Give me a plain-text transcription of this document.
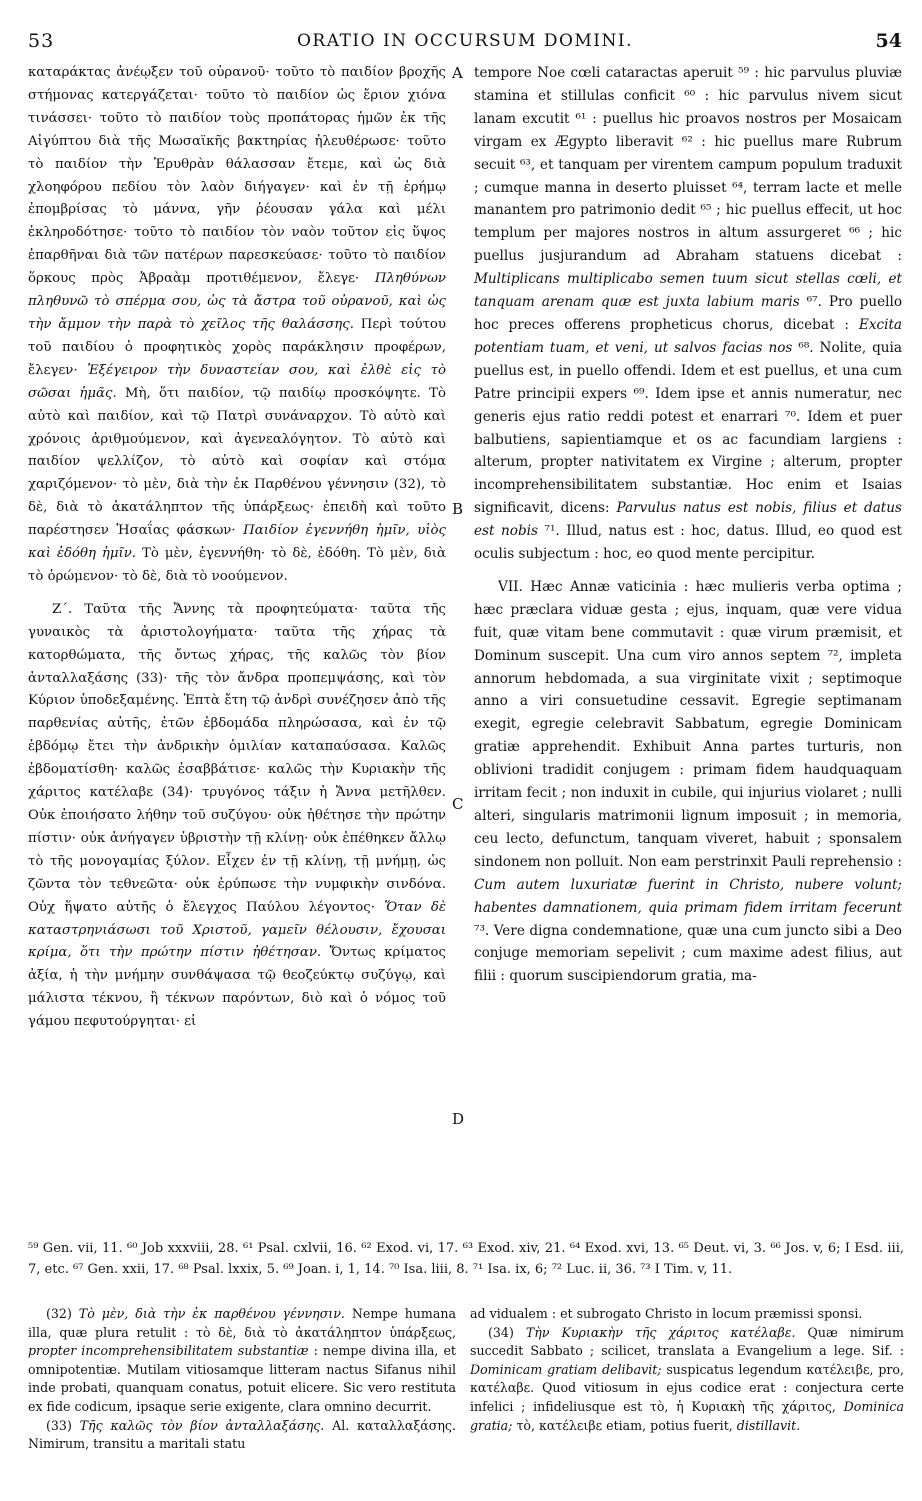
53	ORATIO IN OCCURSUM DOMINI.	54
A
B
C
D

καταράκτας ἀνέῳξεν τοῦ οὐρανοῦ· τοῦτο τὸ παιδίον βροχῆς στήμονας κατεργάζεται· τοῦτο τὸ παιδίον ὡς ἔριον χιόνα τινάσσει· τοῦτο τὸ παιδίον τοὺς προπάτορας ἡμῶν ἐκ τῆς Αἰγύπτου διὰ τῆς Μωσαϊκῆς βακτηρίας ἠλευθέρωσε· τοῦτο τὸ παιδίον τὴν Ἐρυθρὰν θάλασσαν ἔτεμε, καὶ ὡς διὰ χλοηφόρου πεδίου τὸν λαὸν διήγαγεν· καὶ ἐν τῇ ἐρήμῳ ἐπομβρίσας τὸ μάννα, γῆν ῥέουσαν γάλα καὶ μέλι ἐκληροδότησε· τοῦτο τὸ παιδίον τὸν ναὸν τοῦτον εἰς ὕψος ἐπαρθῆναι διὰ τῶν πατέρων παρεσκεύασε· τοῦτο τὸ παιδίον ὅρκους πρὸς Ἀβραὰμ προτιθέμενον, ἔλεγε· Πληθύνων πληθυνῶ τὸ σπέρμα σου, ὡς τὰ ἄστρα τοῦ οὐρανοῦ, καὶ ὡς τὴν ἄμμον τὴν παρὰ τὸ χεῖλος τῆς θαλάσσης. Περὶ τούτου τοῦ παιδίου ὁ προφητικὸς χορὸς παράκλησιν προφέρων, ἔλεγεν· Ἐξέγειρον τὴν δυναστείαν σου, καὶ ἐλθὲ εἰς τὸ σῶσαι ἡμᾶς. Μὴ, ὅτι παιδίον, τῷ παιδίῳ προσκόψητε. Τὸ αὐτὸ καὶ παιδίον, καὶ τῷ Πατρὶ συνάναρχον. Τὸ αὐτὸ καὶ χρόνοις ἀριθμούμενον, καὶ ἀγενεαλόγητον. Τὸ αὐτὸ καὶ παιδίον ψελλίζον, τὸ αὐτὸ καὶ σοφίαν καὶ στόμα χαριζόμενον· τὸ μὲν, διὰ τὴν ἐκ Παρθένου γέννησιν (32), τὸ δὲ, διὰ τὸ ἀκατάληπτον τῆς ὑπάρξεως· ἐπειδὴ καὶ τοῦτο παρέστησεν Ἡσαΐας φάσκων· Παιδίον ἐγεννήθη ἡμῖν, υἱὸς καὶ ἐδόθη ἡμῖν. Τὸ μὲν, ἐγεννήθη· τὸ δὲ, ἐδόθη. Τὸ μὲν, διὰ τὸ ὁρώμενον· τὸ δὲ, διὰ τὸ νοούμενον.

Ζ΄. Ταῦτα τῆς Ἄννης τὰ προφητεύματα· ταῦτα τῆς γυναικὸς τὰ ἀριστολογήματα· ταῦτα τῆς χήρας τὰ κατορθώματα, τῆς ὄντως χήρας, τῆς καλῶς τὸν βίον ἀνταλλαξάσης (33)· τῆς τὸν ἄνδρα προπεμψάσης, καὶ τὸν Κύριον ὑποδεξαμένης. Ἑπτὰ ἔτη τῷ ἀνδρὶ συνέζησεν ἀπὸ τῆς παρθενίας αὐτῆς, ἐτῶν ἑβδομάδα πληρώσασα, καὶ ἐν τῷ ἑβδόμῳ ἔτει τὴν ἀνδρικὴν ὁμιλίαν καταπαύσασα. Καλῶς ἑβδοματίσθη· καλῶς ἐσαββάτισε· καλῶς τὴν Κυριακὴν τῆς χάριτος κατέλαβε (34)· τρυγόνος τάξιν ἡ Ἄννα μετῆλθεν. Οὐκ ἐποιήσατο λήθην τοῦ συζύγου· οὐκ ἠθέτησε τὴν πρώτην πίστιν· οὐκ ἀνήγαγεν ὑβριστὴν τῇ κλίνῃ· οὐκ ἐπέθηκεν ἄλλῳ τὸ τῆς μονογαμίας ξύλον. Εἶχεν ἐν τῇ κλίνῃ, τῇ μνήμῃ, ὡς ζῶντα τὸν τεθνεῶτα· οὐκ ἐρύπωσε τὴν νυμφικὴν σινδόνα. Οὐχ ἥψατο αὐτῆς ὁ ἔλεγχος Παύλου λέγοντος· Ὅταν δὲ καταστρηνιάσωσι τοῦ Χριστοῦ, γαμεῖν θέλουσιν, ἔχουσαι κρίμα, ὅτι τὴν πρώτην πίστιν ἠθέτησαν. Ὄντως κρίματος ἀξία, ἡ τὴν μνήμην συνθάψασα τῷ θεοζεύκτῳ συζύγῳ, καὶ μάλιστα τέκνου, ἢ τέκνων παρόντων, διὸ καὶ ὁ νόμος τοῦ γάμου πεφυτούργηται· εἰ

tempore Noe cœli cataractas aperuit ⁵⁹ : hic parvulus pluviæ stamina et stillulas conficit ⁶⁰ : hic parvulus nivem sicut lanam excutit ⁶¹ : puellus hic proavos nostros per Mosaicam virgam ex Ægypto liberavit ⁶² : hic puellus mare Rubrum secuit ⁶³, et tanquam per virentem campum populum traduxit ; cumque manna in deserto pluisset ⁶⁴, terram lacte et melle manantem pro patrimonio dedit ⁶⁵ ; hic puellus effecit, ut hoc templum per majores nostros in altum assurgeret ⁶⁶ ; hic puellus jusjurandum ad Abraham statuens dicebat : Multiplicans multiplicabo semen tuum sicut stellas cœli, et tanquam arenam quæ est juxta labium maris ⁶⁷. Pro puello hoc preces offerens propheticus chorus, dicebat : Excita potentiam tuam, et veni, ut salvos facias nos ⁶⁸. Nolite, quia puellus est, in puello offendi. Idem et est puellus, et una cum Patre principii expers ⁶⁹. Idem ipse et annis numeratur, nec generis ejus ratio reddi potest et enarrari ⁷⁰. Idem et puer balbutiens, sapientiamque et os ac facundiam largiens : alterum, propter nativitatem ex Virgine ; alterum, propter incomprehensibilitatem substantiæ. Hoc enim et Isaias significavit, dicens: Parvulus natus est nobis, filius et datus est nobis ⁷¹. Illud, natus est : hoc, datus. Illud, eo quod est oculis subjectum : hoc, eo quod mente percipitur.

VII. Hæc Annæ vaticinia : hæc mulieris verba optima ; hæc præclara viduæ gesta ; ejus, inquam, quæ vere vidua fuit, quæ vitam bene commutavit : quæ virum præmisit, et Dominum suscepit. Una cum viro annos septem ⁷², impleta annorum hebdomada, a sua virginitate vixit ; septimoque anno a viri consuetudine cessavit. Egregie septimanam exegit, egregie celebravit Sabbatum, egregie Dominicam gratiæ apprehendit. Exhibuit Anna partes turturis, non oblivioni tradidit conjugem : primam fidem haudquaquam irritam fecit ; non induxit in cubile, qui injurius violaret ; nulli alteri, singularis matrimonii lignum imposuit ; in memoria, ceu lecto, defunctum, tanquam viveret, habuit ; sponsalem sindonem non polluit. Non eam perstrinxit Pauli reprehensio : Cum autem luxuriatæ fuerint in Christo, nubere volunt; habentes damnationem, quia primam fidem irritam fecerunt ⁷³. Vere digna condemnatione, quæ una cum juncto sibi a Deo conjuge memoriam sepelivit ; cum maxime adest filius, aut filii : quorum suscipiendorum gratia, ma-

⁵⁹ Gen. vii, 11. ⁶⁰ Job xxxviii, 28. ⁶¹ Psal. cxlvii, 16. ⁶² Exod. vi, 17. ⁶³ Exod. xiv, 21. ⁶⁴ Exod. xvi, 13. ⁶⁵ Deut. vi, 3. ⁶⁶ Jos. v, 6; I Esd. iii, 7, etc. ⁶⁷ Gen. xxii, 17. ⁶⁸ Psal. lxxix, 5. ⁶⁹ Joan. i, 1, 14. ⁷⁰ Isa. liii, 8. ⁷¹ Isa. ix, 6; ⁷² Luc. ii, 36. ⁷³ I Tim. v, 11.

(32) Τὸ μὲν, διὰ τὴν ἐκ παρθένου γέννησιν. Nempe humana illa, quæ plura retulit : τὸ δὲ, διὰ τὸ ἀκατάληπτον ὑπάρξεως, propter incomprehensibilitatem substantiæ : nempe divina illa, et omnipotentiæ. Mutilam vitiosamque litteram nactus Sifanus nihil inde probati, quanquam conatus, potuit elicere. Sic vero restituta ex fide codicum, ipsaque serie exigente, clara omnino decurrit.

(33) Τῆς καλῶς τὸν βίον ἀνταλλαξάσης. Al. καταλλαξάσης. Nimirum, transitu a maritali statu

ad vidualem : et subrogato Christo in locum præmissi sponsi.

(34) Τὴν Κυριακὴν τῆς χάριτος κατέλαβε. Quæ nimirum succedit Sabbato ; scilicet, translata a Evangelium a lege. Sif. : Dominicam gratiam delibavit; suspicatus legendum κατέλειβε, pro, κατέλαβε. Quod vitiosum in ejus codice erat : conjectura certe infelici ; infideliusque est τὸ, ἡ Κυριακὴ τῆς χάριτος, Dominica gratia; τὸ, κατέλειβε etiam, potius fuerit, distillavit.
